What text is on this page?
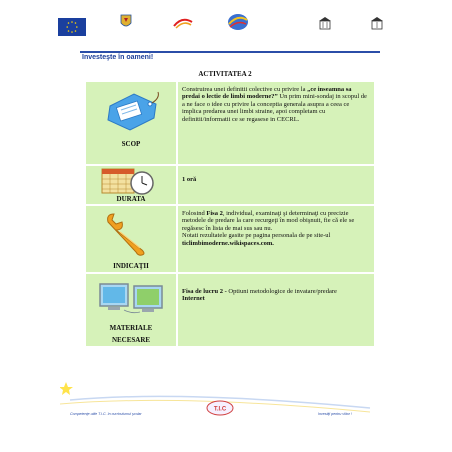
Investeşte în oameni!
ACTIVITATEA 2
SCOP
Construirea unei definitii colective cu privire la „ce inseamna sa predai o lectie de limbi moderne?” Un prim mini-sondaj in scopul de a ne face o idee cu privire la conceptia generala asupra a ceea ce implica predarea unei limbi straine, apoi completam cu definitii/informatii ce se regasese in CECRL.
DURATA
1 oră
INDICAŢII
Folosind Fisa 2, individual, examinaţi şi determinaţi cu precizie metodele de predare la care recurgeţi în mod obişnuit, fie că ele se regăsesc în lista de mai sus sau nu.
Notati rezultatele gasite pe pagina personala de pe site-ul ticlimbimoderne.wikispaces.com.
MATERIALE
NECESARE
Fisa de lucru 2 - Optiuni metodologice de invatare/predare
Internet
T.I.C
Competenţe utile T.I.C. în curriculumul şcolar	Investiţi pentru viitor !
